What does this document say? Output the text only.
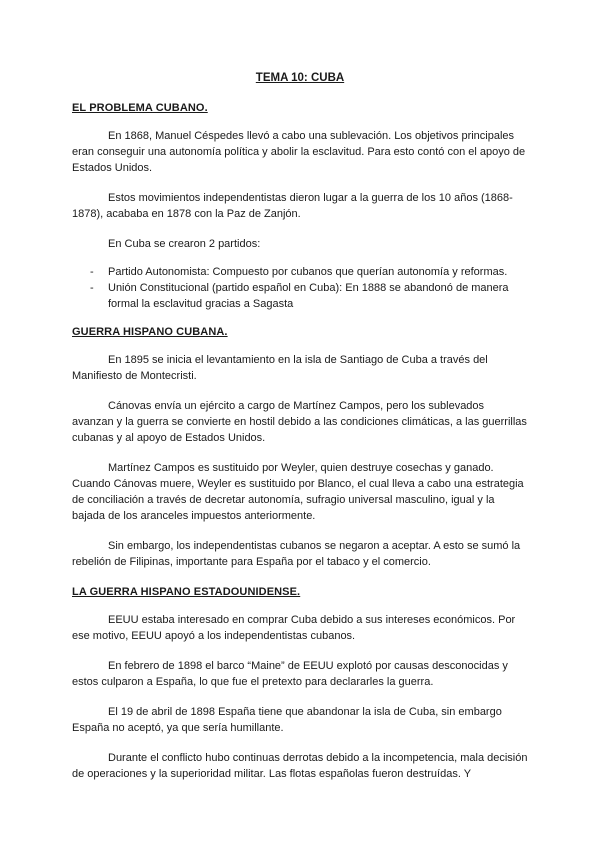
TEMA 10: CUBA
EL PROBLEMA CUBANO.

En 1868, Manuel Céspedes llevó a cabo una sublevación. Los objetivos principales eran conseguir una autonomía política y abolir la esclavitud. Para esto contó con el apoyo de Estados Unidos.

Estos movimientos independentistas dieron lugar a la guerra de los 10 años (1868-1878), acababa en 1878 con la Paz de Zanjón.

En Cuba se crearon 2 partidos:

- Partido Autonomista: Compuesto por cubanos que querían autonomía y reformas.
- Unión Constitucional (partido español en Cuba): En 1888 se abandonó de manera formal la esclavitud gracias a Sagasta
GUERRA HISPANO CUBANA.

En 1895 se inicia el levantamiento en la isla de Santiago de Cuba a través del Manifiesto de Montecristi.

Cánovas envía un ejército a cargo de Martínez Campos, pero los sublevados avanzan y la guerra se convierte en hostil debido a las condiciones climáticas, a las guerrillas cubanas y al apoyo de Estados Unidos.

Martínez Campos es sustituido por Weyler, quien destruye cosechas y ganado. Cuando Cánovas muere, Weyler es sustituido por Blanco, el cual lleva a cabo una estrategia de conciliación a través de decretar autonomía, sufragio universal masculino, igual y la bajada de los aranceles impuestos anteriormente.

Sin embargo, los independentistas cubanos se negaron a aceptar. A esto se sumó la rebelión de Filipinas, importante para España por el tabaco y el comercio.

LA GUERRA HISPANO ESTADOUNIDENSE.

EEUU estaba interesado en comprar Cuba debido a sus intereses económicos. Por ese motivo, EEUU apoyó a los independentistas cubanos.

En febrero de 1898 el barco “Maine” de EEUU explotó por causas desconocidas y estos culparon a España, lo que fue el pretexto para declararles la guerra.

El 19 de abril de 1898 España tiene que abandonar la isla de Cuba, sin embargo España no aceptó, ya que sería humillante.

Durante el conflicto hubo continuas derrotas debido a la incompetencia, mala decisión de operaciones y la superioridad militar. Las flotas españolas fueron destruídas. Y
